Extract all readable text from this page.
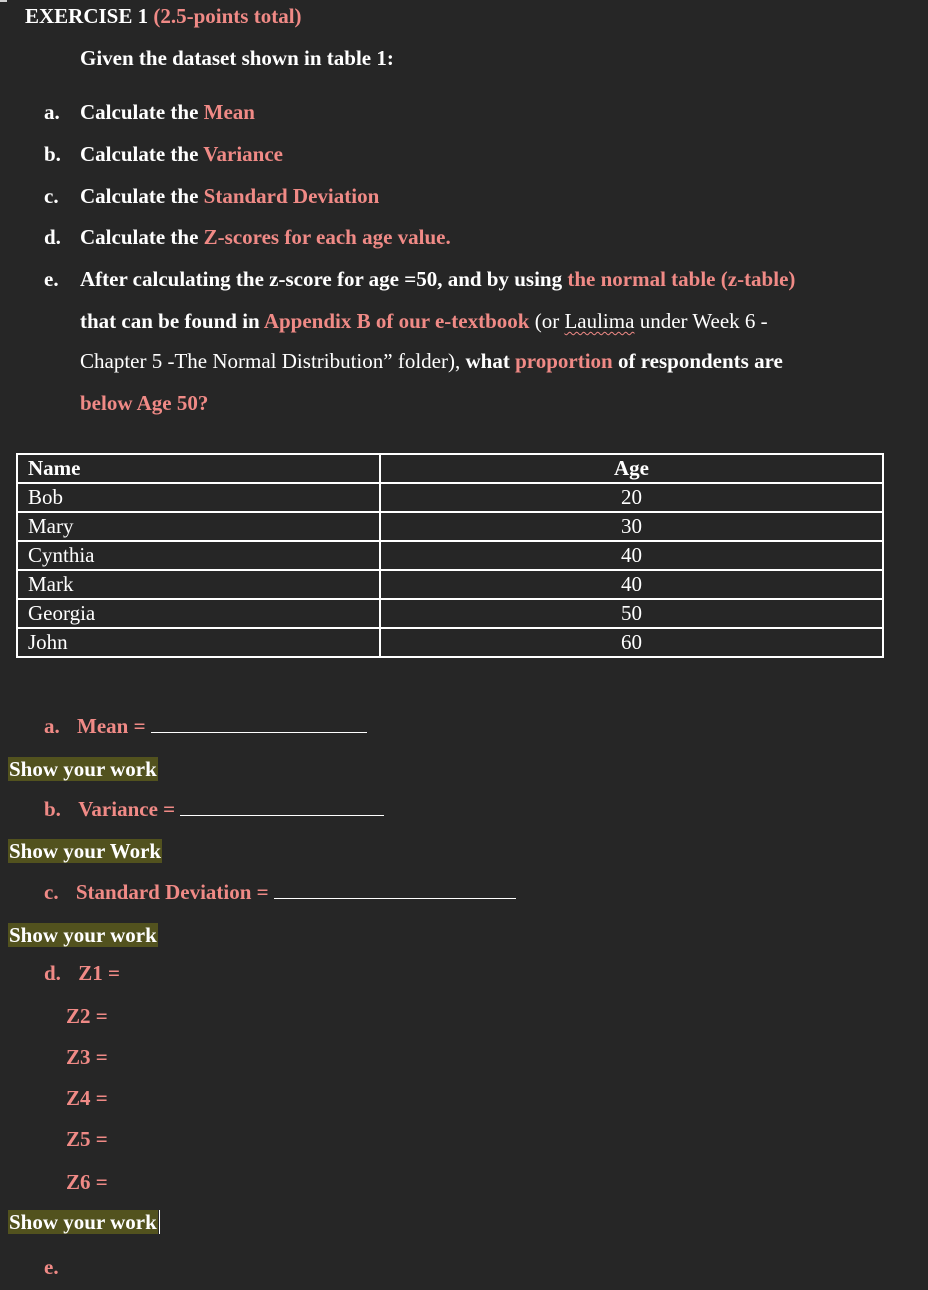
EXERCISE 1 (2.5-points total)
Given the dataset shown in table 1:
a. Calculate the Mean
b. Calculate the Variance
c. Calculate the Standard Deviation
d. Calculate the Z-scores for each age value.
e. After calculating the z-score for age =50, and by using the normal table (z-table)
that can be found in Appendix B of our e-textbook (or Laulima under Week 6 -
Chapter 5 -The Normal Distribution” folder), what proportion of respondents are
below Age 50?
Name	Age
Bob	20
Mary	30
Cynthia	40
Mark	40
Georgia	50
John	60
a. Mean =
Show your work
b. Variance =
Show your Work
c. Standard Deviation =
Show your work
d. Z1 =
Z2 =
Z3 =
Z4 =
Z5 =
Z6 =
Show your work
e.
